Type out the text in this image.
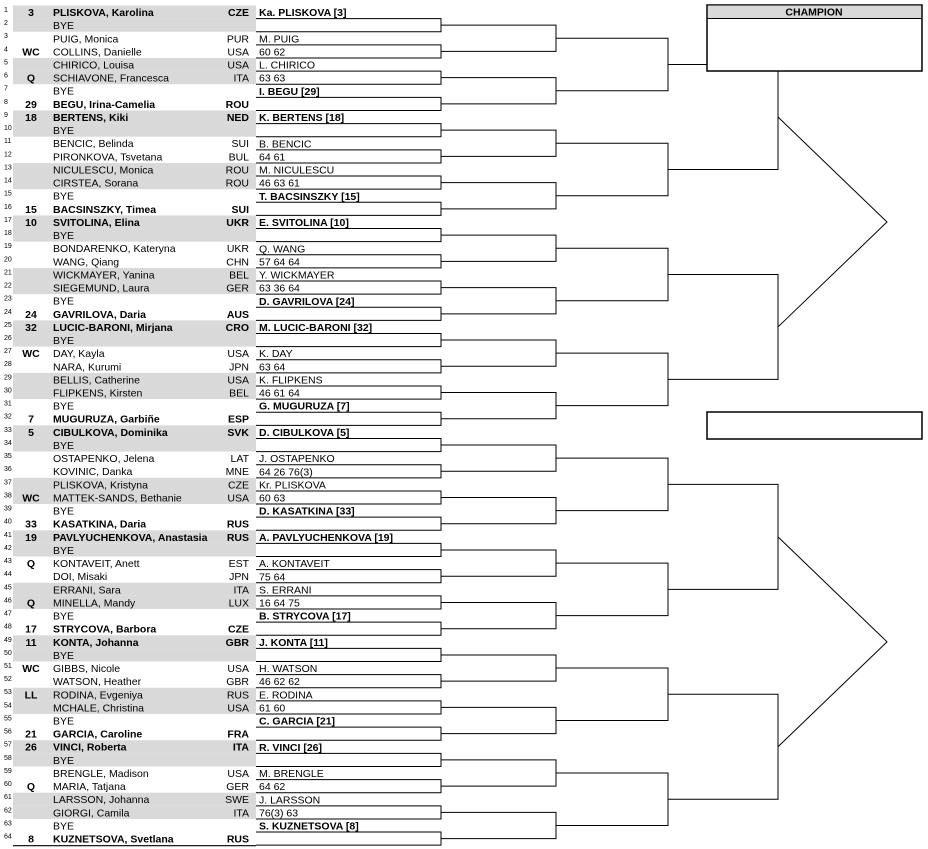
1 3 PLISKOVA, Karolina	CZE
2	BYE
3	PUIG, Monica	PUR
4 WC COLLINS, Danielle	USA
5	CHIRICO, Louisa	USA
6 Q SCHIAVONE, Francesca	ITA
7	BYE
8 29 BEGU, Irina-Camelia	ROU
9 18 BERTENS, Kiki	NED
10	BYE
11	BENCIC, Belinda	SUI
12	PIRONKOVA, Tsvetana	BUL
13	NICULESCU, Monica	ROU
14	CIRSTEA, Sorana	ROU
15	BYE
16 15 BACSINSZKY, Timea	SUI
17 10 SVITOLINA, Elina	UKR
18	BYE
19	BONDARENKO, Kateryna	UKR
20	WANG, Qiang	CHN
21	WICKMAYER, Yanina	BEL
22	SIEGEMUND, Laura	GER
23	BYE
24 24 GAVRILOVA, Daria	AUS
25 32 LUCIC-BARONI, Mirjana	CRO
26	BYE
27 WC DAY, Kayla	USA
28	NARA, Kurumi	JPN
29	BELLIS, Catherine	USA
30	FLIPKENS, Kirsten	BEL
31	BYE
32 7 MUGURUZA, Garbiñe	ESP
33 5 CIBULKOVA, Dominika	SVK
34	BYE
35	OSTAPENKO, Jelena	LAT
36	KOVINIC, Danka	MNE
37	PLISKOVA, Kristyna	CZE
38 WC MATTEK-SANDS, Bethanie	USA
39	BYE
40 33 KASATKINA, Daria	RUS
41 19 PAVLYUCHENKOVA, Anastasia RUS
42	BYE
43 Q KONTAVEIT, Anett	EST
44	DOI, Misaki	JPN
45	ERRANI, Sara	ITA
46 Q MINELLA, Mandy	LUX
47	BYE
48 17 STRYCOVA, Barbora	CZE
49 11 KONTA, Johanna	GBR
50	BYE
51 WC GIBBS, Nicole	USA
52	WATSON, Heather	GBR
53 LL RODINA, Evgeniya	RUS
54	MCHALE, Christina	USA
55	BYE
56 21 GARCIA, Caroline	FRA
57 26 VINCI, Roberta	ITA
58	BYE
59	BRENGLE, Madison	USA
60 Q MARIA, Tatjana	GER
61	LARSSON, Johanna	SWE
62	GIORGI, Camila	ITA
63	BYE
64 8 KUZNETSOVA, Svetlana	RUS
Ka. PLISKOVA [3]
M. PUIG
60 62
L. CHIRICO
63 63
I. BEGU [29]
K. BERTENS [18]
B. BENCIC
64 61
M. NICULESCU
46 63 61
T. BACSINSZKY [15]
E. SVITOLINA [10]
Q. WANG
57 64 64
Y. WICKMAYER
63 36 64
D. GAVRILOVA [24]
M. LUCIC-BARONI [32]
K. DAY
63 64
K. FLIPKENS
46 61 64
G. MUGURUZA [7]
D. CIBULKOVA [5]
J. OSTAPENKO
64 26 76(3)
Kr. PLISKOVA
60 63
D. KASATKINA [33]
A. PAVLYUCHENKOVA [19]
A. KONTAVEIT
75 64
S. ERRANI
16 64 75
B. STRYCOVA [17]
J. KONTA [11]
H. WATSON
46 62 62
E. RODINA
61 60
C. GARCIA [21]
R. VINCI [26]
M. BRENGLE
64 62
J. LARSSON
76(3) 63
S. KUZNETSOVA [8]
CHAMPION
